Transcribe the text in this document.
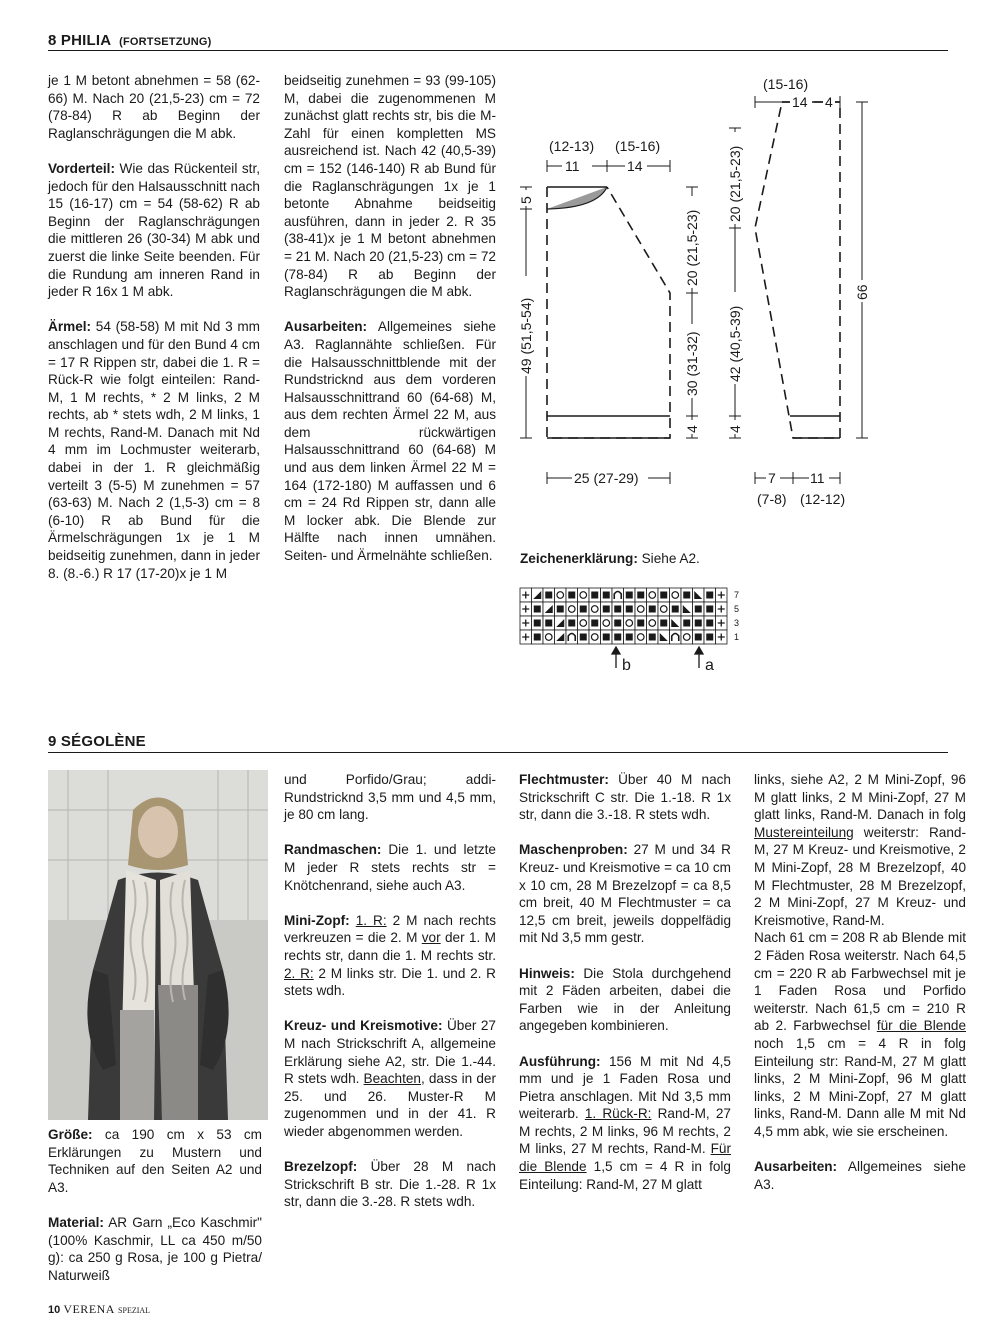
8 PHILIA (FORTSETZUNG)

je 1 M betont abnehmen = 58 (62-66) M. Nach 20 (21,5-23) cm = 72 (78-84) R ab Beginn der Raglanschrägungen die M abk.

Vorderteil: Wie das Rückenteil str, jedoch für den Halsausschnitt nach 15 (16-17) cm = 54 (58-62) R ab Beginn der Raglanschrägungen die mittleren 26 (30-34) M abk und zuerst die linke Seite beenden. Für die Rundung am inneren Rand in jeder R 16x 1 M abk.

Ärmel: 54 (58-58) M mit Nd 3 mm anschlagen und für den Bund 4 cm = 17 R Rippen str, dabei die 1. R = Rück-R wie folgt einteilen: Rand-M, 1 M rechts, * 2 M links, 2 M rechts, ab * stets wdh, 2 M links, 1 M rechts, Rand-M. Danach mit Nd 4 mm im Lochmuster weiterarb, dabei in der 1. R gleichmäßig verteilt 3 (5-5) M zunehmen = 57 (63-63) M. Nach 2 (1,5-3) cm = 8 (6-10) R ab Bund für die Ärmelschrägungen 1x je 1 M beidseitig zunehmen, dann in jeder 8. (8.-6.) R 17 (17-20)x je 1 M

beidseitig zunehmen = 93 (99-105) M, dabei die zugenommenen M zunächst glatt rechts str, bis die M-Zahl für einen kompletten MS ausreichend ist. Nach 42 (40,5-39) cm = 152 (146-140) R ab Bund für die Raglanschrägungen 1x je 1 betonte Abnahme beidseitig ausführen, dann in jeder 2. R 35 (38-41)x je 1 M betont abnehmen = 21 M. Nach 20 (21,5-23) cm = 72 (78-84) R ab Beginn der Raglanschrägungen die M abk.

Ausarbeiten: Allgemeines siehe A3. Raglannähte schließen. Für die Halsausschnittblende mit der Rundstricknd aus dem vorderen Halsausschnittrand 60 (64-68) M, aus dem rechten Ärmel 22 M, aus dem rückwärtigen Halsausschnittrand 60 (64-68) M und aus dem linken Ärmel 22 M = 164 (172-180) M auffassen und 6 cm = 24 Rd Rippen str, dann alle M locker abk. Die Blende zur Hälfte nach innen umnähen. Seiten- und Ärmelnähte schließen.

(12-13) (15-16)
11	14
5
49 (51,5-54)
20 (21,5-23)
30 (31-32)
4
25 (27-29)
(15-16)
14 4
20 (21,5-23)
42 (40,5-39)
4
66
7 11
(7-8) (12-12)
Zeichenerklärung: Siehe A2.
7
5
3
1
b	a
9 SÉGOLÈNE

Größe: ca 190 cm x 53 cm Erklärungen zu Mustern und Techniken auf den Seiten A2 und A3.

Material: AR Garn „Eco Kaschmir" (100% Kaschmir, LL ca 450 m/50 g): ca 250 g Rosa, je 100 g Pietra/ Naturweiß

und Porfido/Grau; addi-Rundstricknd 3,5 mm und 4,5 mm, je 80 cm lang.

Randmaschen: Die 1. und letzte M jeder R stets rechts str = Knötchenrand, siehe auch A3.

Mini-Zopf: 1. R: 2 M nach rechts verkreuzen = die 2. M vor der 1. M rechts str, dann die 1. M rechts str. 2. R: 2 M links str. Die 1. und 2. R stets wdh.

Kreuz- und Kreismotive: Über 27 M nach Strickschrift A, allgemeine Erklärung siehe A2, str. Die 1.-44. R stets wdh. Beachten, dass in der 25. und 26. Muster-R M zugenommen und in der 41. R wieder abgenommen werden.

Brezelzopf: Über 28 M nach Strickschrift B str. Die 1.-28. R 1x str, dann die 3.-28. R stets wdh.

Flechtmuster: Über 40 M nach Strickschrift C str. Die 1.-18. R 1x str, dann die 3.-18. R stets wdh.

Maschenproben: 27 M und 34 R Kreuz- und Kreismotive = ca 10 cm x 10 cm, 28 M Brezelzopf = ca 8,5 cm breit, 40 M Flechtmuster = ca 12,5 cm breit, jeweils doppelfädig mit Nd 3,5 mm gestr.

Hinweis: Die Stola durchgehend mit 2 Fäden arbeiten, dabei die Farben wie in der Anleitung angegeben kombinieren.

Ausführung: 156 M mit Nd 4,5 mm und je 1 Faden Rosa und Pietra anschlagen. Mit Nd 3,5 mm weiterarb. 1. Rück-R: Rand-M, 27 M rechts, 2 M links, 96 M rechts, 2 M links, 27 M rechts, Rand-M. Für die Blende 1,5 cm = 4 R in folg Einteilung: Rand-M, 27 M glatt

links, siehe A2, 2 M Mini-Zopf, 96 M glatt links, 2 M Mini-Zopf, 27 M glatt links, Rand-M. Danach in folg Mustereinteilung weiterstr: Rand-M, 27 M Kreuz- und Kreismotive, 2 M Mini-Zopf, 28 M Brezelzopf, 40 M Flechtmuster, 28 M Brezelzopf, 2 M Mini-Zopf, 27 M Kreuz- und Kreismotive, Rand-M.

Nach 61 cm = 208 R ab Blende mit 2 Fäden Rosa weiterstr. Nach 64,5 cm = 220 R ab Farbwechsel mit je 1 Faden Rosa und Porfido weiterstr. Nach 61,5 cm = 210 R ab 2. Farbwechsel für die Blende noch 1,5 cm = 4 R in folg Einteilung str: Rand-M, 27 M glatt links, 2 M Mini-Zopf, 96 M glatt links, 2 M Mini-Zopf, 27 M glatt links, Rand-M. Dann alle M mit Nd 4,5 mm abk, wie sie erscheinen.

Ausarbeiten: Allgemeines siehe A3.

10 VERENA SPEZIAL
